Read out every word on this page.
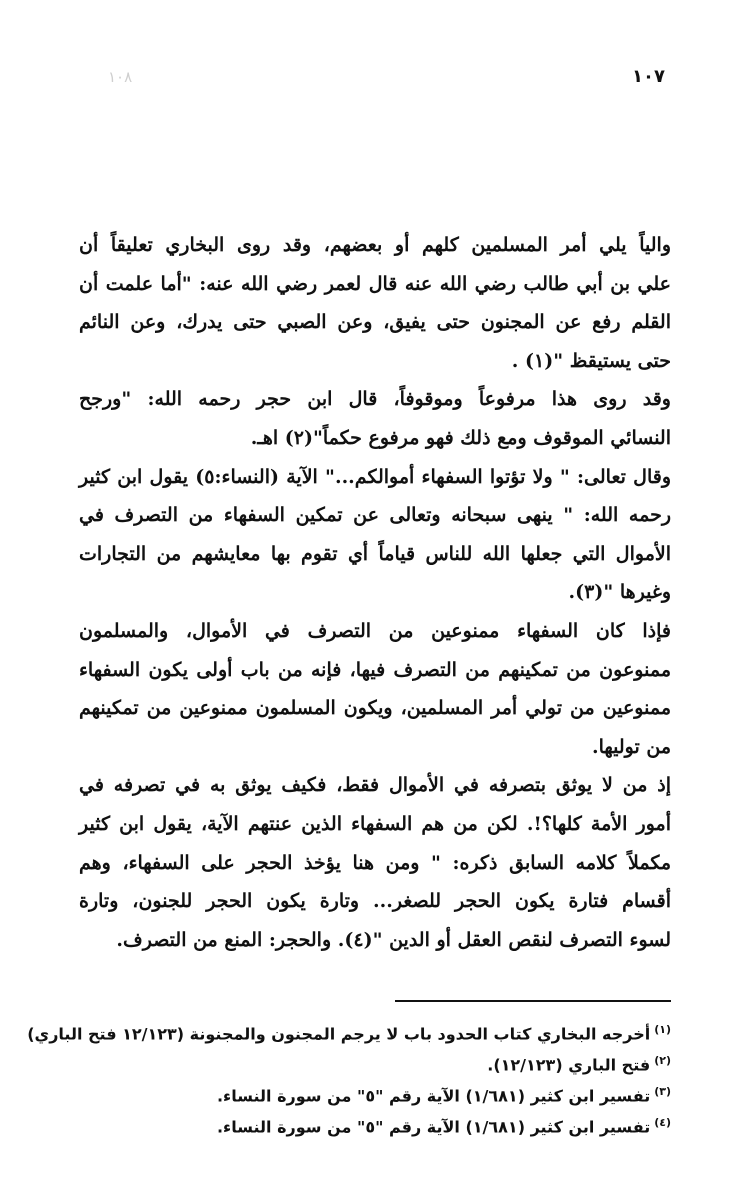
١٠٧
١٠٨
والياً يلي أمر المسلمين كلهم أو بعضهم، وقد روى البخاري تعليقاً أن
علي بن أبي طالب رضي الله عنه قال لعمر رضي الله عنه: "أما علمت أن
القلم رفع عن المجنون حتى يفيق، وعن الصبي حتى يدرك، وعن النائم
حتى يستيقظ "(١) .
وقد روى هذا مرفوعاً وموقوفاً، قال ابن حجر رحمه الله: "ورجح
النسائي الموقوف ومع ذلك فهو مرفوع حكماً"(٢) اهـ.
وقال تعالى: " ولا تؤتوا السفهاء أموالكم..." الآية (النساء:٥) يقول ابن كثير
رحمه الله: " ينهى سبحانه وتعالى عن تمكين السفهاء من التصرف في
الأموال التي جعلها الله للناس قياماً أي تقوم بها معايشهم من التجارات
وغيرها "(٣).
فإذا كان السفهاء ممنوعين من التصرف في الأموال، والمسلمون
ممنوعون من تمكينهم من التصرف فيها، فإنه من باب أولى يكون السفهاء
ممنوعين من تولي أمر المسلمين، ويكون المسلمون ممنوعين من تمكينهم
من توليها.
إذ من لا يوثق بتصرفه في الأموال فقط، فكيف يوثق به في تصرفه في
أمور الأمة كلها؟!. لكن من هم السفهاء الذين عنتهم الآية، يقول ابن كثير
مكملاً كلامه السابق ذكره: " ومن هنا يؤخذ الحجر على السفهاء، وهم
أقسام فتارة يكون الحجر للصغر... وتارة يكون الحجر للجنون، وتارة
لسوء التصرف لنقص العقل أو الدين "(٤). والحجر: المنع من التصرف.
$^{(١)}$أخرجه البخاري كتاب الحدود باب لا يرجم المجنون والمجنونة (١٢/١٢٣ فتح الباري)
$^{(٢)}$فتح الباري (١٢/١٢٣).
$^{(٣)}$تفسير ابن كثير (١/٦٨١) الآية رقم "٥" من سورة النساء.
$^{(٤)}$تفسير ابن كثير (١/٦٨١) الآية رقم "٥" من سورة النساء.
